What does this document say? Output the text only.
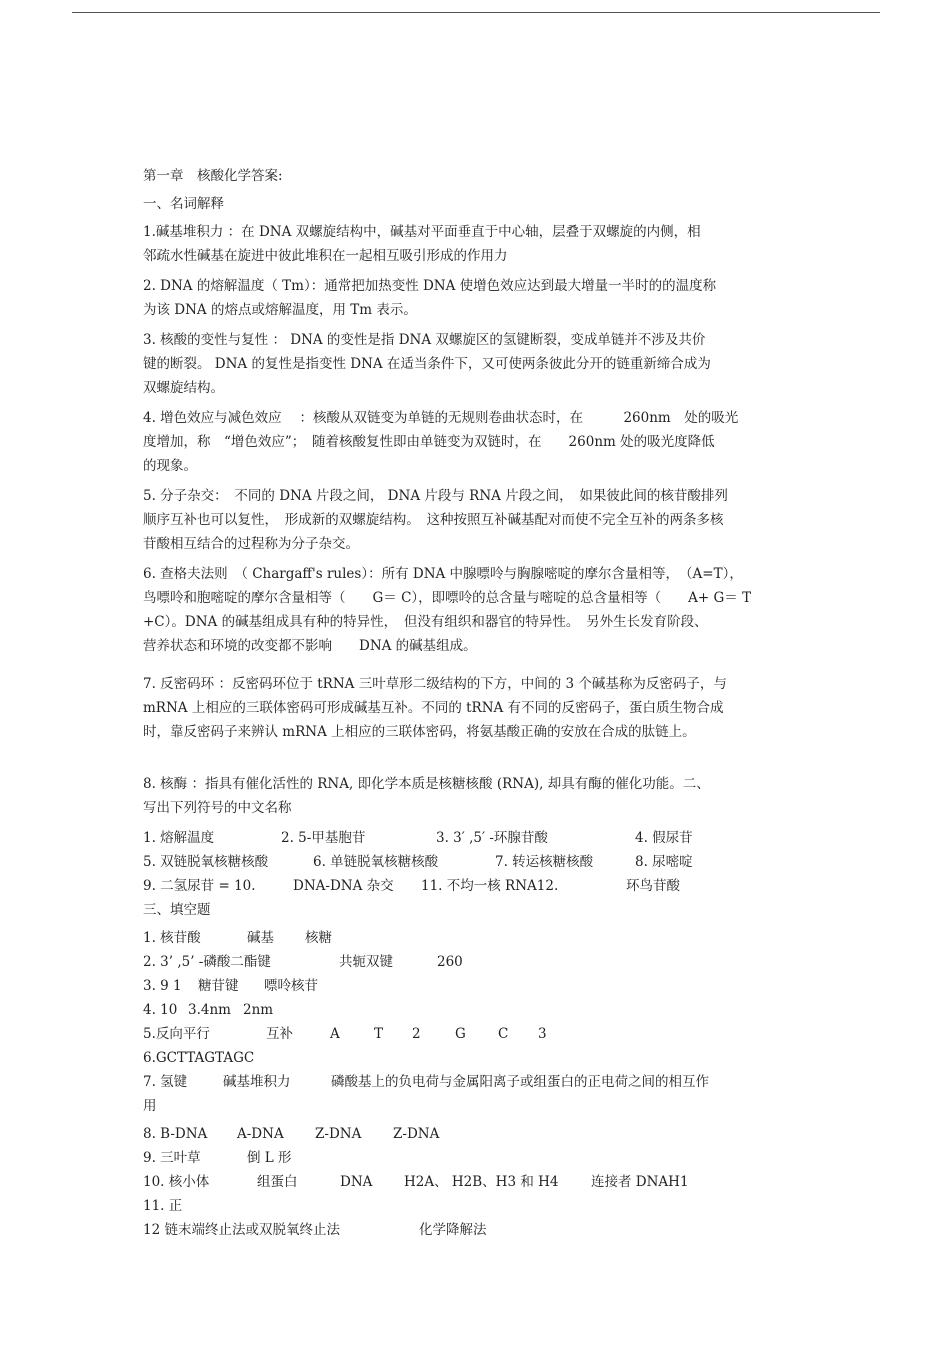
第一章　核酸化学答案:
一、名词解释
1.碱基堆积力 ：在 DNA 双螺旋结构中，碱基对平面垂直于中心轴，层叠于双螺旋的内侧，相
邻疏水性碱基在旋进中彼此堆积在一起相互吸引形成的作用力
2. DNA 的熔解温度（ Tm）：通常把加热变性 DNA 使增色效应达到最大增量一半时的的温度称
为该 DNA 的熔点或熔解温度，用 Tm 表示。
3. 核酸的变性与复性 ： DNA 的变性是指 DNA 双螺旋区的氢键断裂，变成单链并不涉及共价
键的断裂。 DNA 的复性是指变性 DNA 在适当条件下，又可使两条彼此分开的链重新缔合成为
双螺旋结构。
4. 增色效应与减色效应　 ：核酸从双链变为单链的无规则卷曲状态时，在　　　260nm　处的吸光
度增加，称　“增色效应”；　随着核酸复性即由单链变为双链时，在　　260nm 处的吸光度降低
的现象。
5. 分子杂交：　不同的 DNA 片段之间， DNA 片段与 RNA 片段之间，　如果彼此间的核苷酸排列
顺序互补也可以复性，　形成新的双螺旋结构。　这种按照互补碱基配对而使不完全互补的两条多核
苷酸相互结合的过程称为分子杂交。
6. 查格夫法则　（ Chargaff's rules）：所有 DNA 中腺嘌呤与胸腺嘧啶的摩尔含量相等，　（A=T），
鸟嘌呤和胞嘧啶的摩尔含量相等（　　G＝ C），即嘌呤的总含量与嘧啶的总含量相等（　　A+ G＝ T
+C）。DNA 的碱基组成具有种的特异性，　但没有组织和器官的特异性。　另外生长发育阶段、
营养状态和环境的改变都不影响　　DNA 的碱基组成。
7. 反密码环 ：反密码环位于 tRNA 三叶草形二级结构的下方，中间的 3 个碱基称为反密码子，与
mRNA 上相应的三联体密码可形成碱基互补。不同的 tRNA 有不同的反密码子，蛋白质生物合成
时，靠反密码子来辨认 mRNA 上相应的三联体密码，将氨基酸正确的安放在合成的肽链上。
8. 核酶 ：指具有催化活性的 RNA, 即化学本质是核糖核酸 (RNA), 却具有酶的催化功能。二、
写出下列符号的中文名称
1. 熔解温度	2. 5-甲基胞苷	3. 3′ ,5′ -环腺苷酸	4. 假尿苷
5. 双链脱氧核糖核酸	6. 单链脱氧核糖核酸	7. 转运核糖核酸	8. 尿嘧啶
9. 二氢尿苷 = 10.	DNA-DNA 杂交	11. 不均一核 RNA12.	环鸟苷酸
三、填空题
1. 核苷酸	碱基	核糖
2. 3’ ,5’ -磷酸二酯键	共轭双键	260
3. 9 1	糖苷键	嘌呤核苷
4. 10 3.4nm 2nm
5.反向平行	互补	A	T	2	G	C	3
6.GCTTAGTAGC
7. 氢键	碱基堆积力	磷酸基上的负电荷与金属阳离子或组蛋白的正电荷之间的相互作
用
8. B-DNA	A-DNA	Z-DNA	Z-DNA
9. 三叶草	倒 L 形
10. 核小体	组蛋白	DNA	H2A、 H2B、H3 和 H4	连接者 DNAH1
11. 正
12 链末端终止法或双脱氧终止法	化学降解法
